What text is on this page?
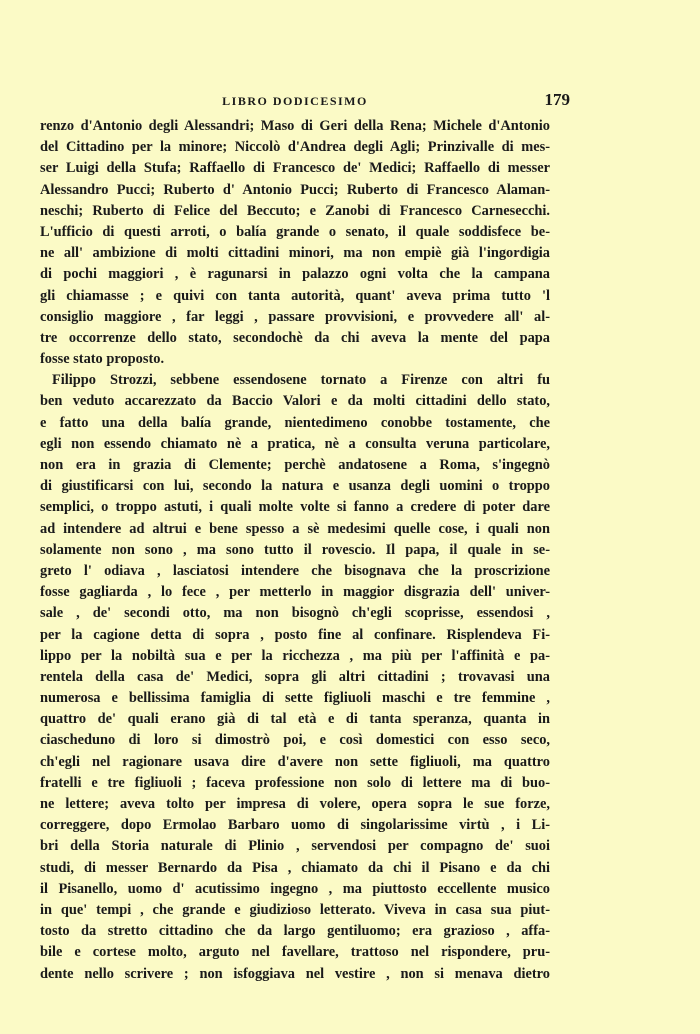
LIBRO DODICESIMO	179
renzo d'Antonio degli Alessandri; Maso di Geri della Rena; Michele d'Antonio
del Cittadino per la minore; Niccolò d'Andrea degli Agli; Prinzivalle di mes-
ser Luigi della Stufa; Raffaello di Francesco de' Medici; Raffaello di messer
Alessandro Pucci; Ruberto d' Antonio Pucci; Ruberto di Francesco Alaman-
neschi; Ruberto di Felice del Beccuto; e Zanobi di Francesco Carnesecchi.
L'ufficio di questi arroti, o balía grande o senato, il quale soddisfece be-
ne all' ambizione di molti cittadini minori, ma non empiè già l'ingordigia
di pochi maggiori , è ragunarsi in palazzo ogni volta che la campana
gli chiamasse ; e quivi con tanta autorità, quant' aveva prima tutto 'l
consiglio maggiore , far leggi , passare provvisioni, e provvedere all' al-
tre occorrenze dello stato, secondochè da chi aveva la mente del papa
fosse stato proposto.
Filippo Strozzi, sebbene essendosene tornato a Firenze con altri fu
ben veduto accarezzato da Baccio Valori e da molti cittadini dello stato,
e fatto una della balía grande, nientedimeno conobbe tostamente, che
egli non essendo chiamato nè a pratica, nè a consulta veruna particolare,
non era in grazia di Clemente; perchè andatosene a Roma, s'ingegnò
di giustificarsi con lui, secondo la natura e usanza degli uomini o troppo
semplici, o troppo astuti, i quali molte volte si fanno a credere di poter dare
ad intendere ad altrui e bene spesso a sè medesimi quelle cose, i quali non
solamente non sono , ma sono tutto il rovescio. Il papa, il quale in se-
greto l' odiava , lasciatosi intendere che bisognava che la proscrizione
fosse gagliarda , lo fece , per metterlo in maggior disgrazia dell' univer-
sale , de' secondi otto, ma non bisognò ch'egli scoprisse, essendosi ,
per la cagione detta di sopra , posto fine al confinare. Risplendeva Fi-
lippo per la nobiltà sua e per la ricchezza , ma più per l'affinità e pa-
rentela della casa de' Medici, sopra gli altri cittadini ; trovavasi una
numerosa e bellissima famiglia di sette figliuoli maschi e tre femmine ,
quattro de' quali erano già di tal età e di tanta speranza, quanta in
ciascheduno di loro si dimostrò poi, e così domestici con esso seco,
ch'egli nel ragionare usava dire d'avere non sette figliuoli, ma quattro
fratelli e tre figliuoli ; faceva professione non solo di lettere ma di buo-
ne lettere; aveva tolto per impresa di volere, opera sopra le sue forze,
correggere, dopo Ermolao Barbaro uomo di singolarissime virtù , i Li-
bri della Storia naturale di Plinio , servendosi per compagno de' suoi
studi, di messer Bernardo da Pisa , chiamato da chi il Pisano e da chi
il Pisanello, uomo d' acutissimo ingegno , ma piuttosto eccellente musico
in que' tempi , che grande e giudizioso letterato. Viveva in casa sua piut-
tosto da stretto cittadino che da largo gentiluomo; era grazioso , affa-
bile e cortese molto, arguto nel favellare, trattoso nel rispondere, pru-
dente nello scrivere ; non isfoggiava nel vestire , non si menava dietro
